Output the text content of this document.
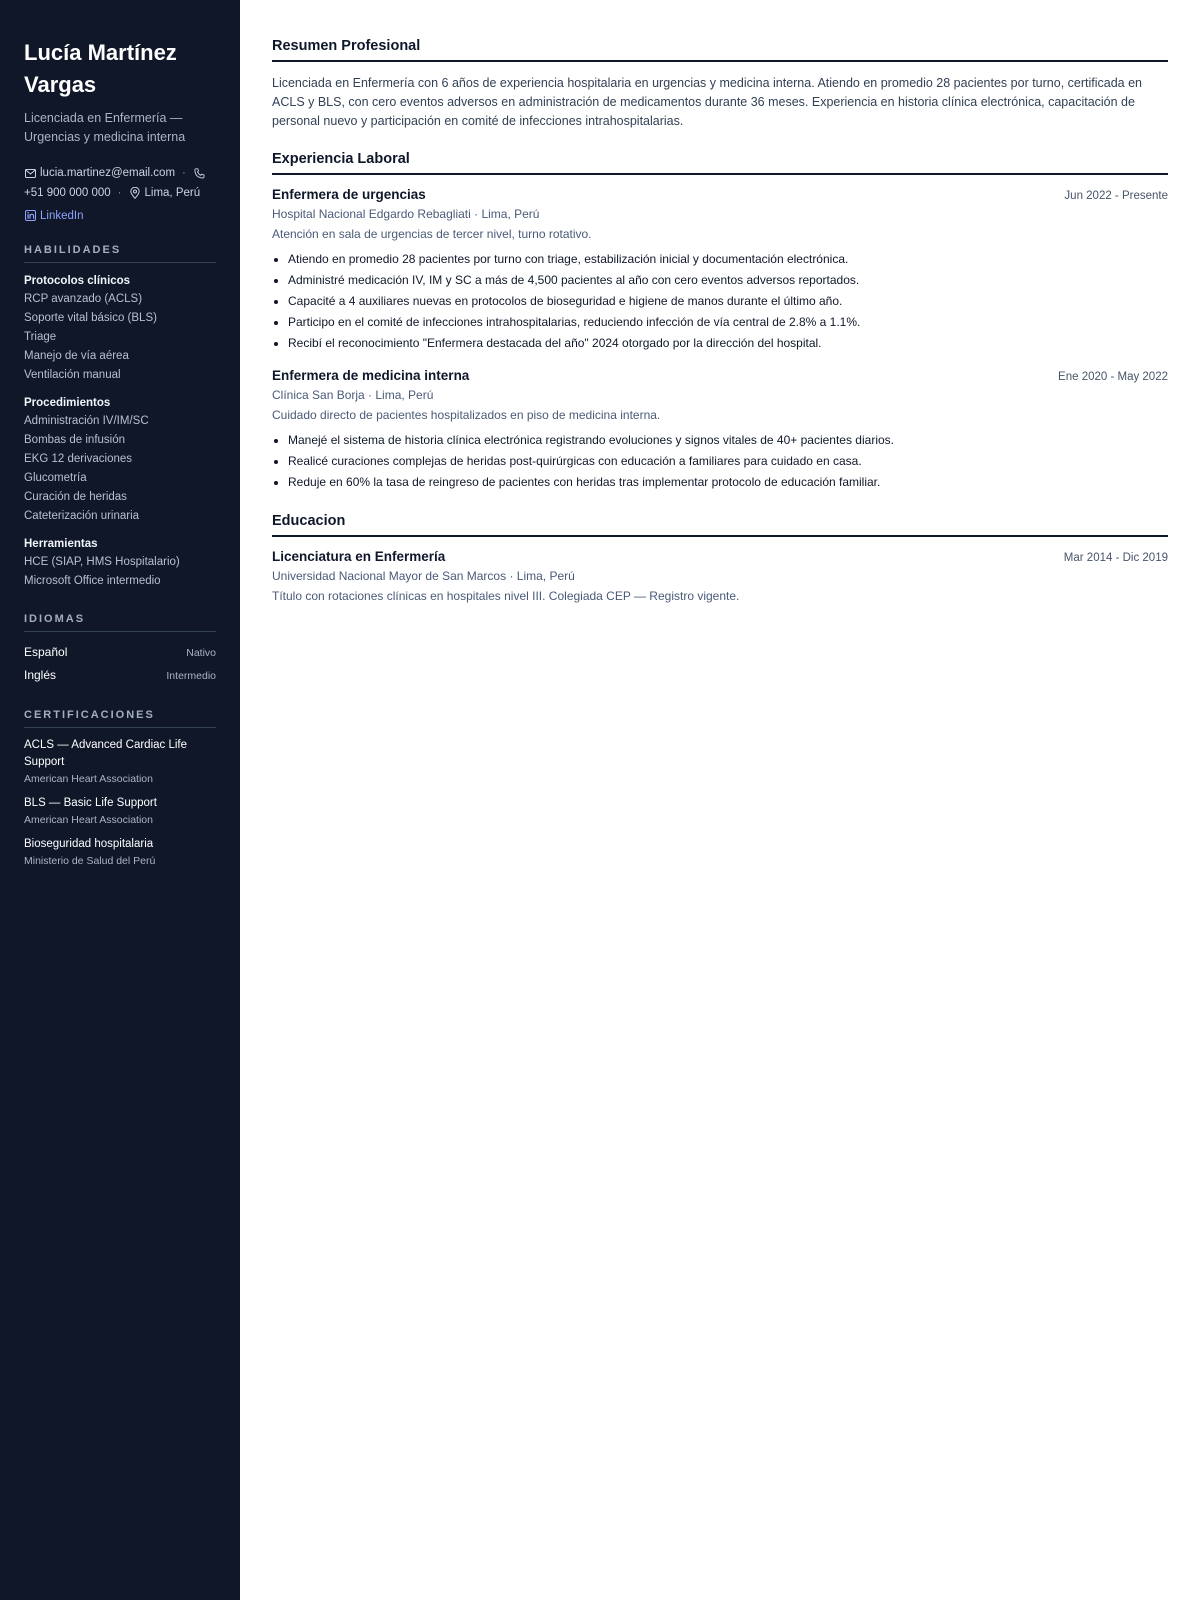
Lucía Martínez Vargas
Licenciada en Enfermería — Urgencias y medicina interna
lucia.martinez@email.com ·
+51 900 000 000 · Lima, Perú
LinkedIn
HABILIDADES
Protocolos clínicos
RCP avanzado (ACLS)
Soporte vital básico (BLS)
Triage
Manejo de vía aérea
Ventilación manual
Procedimientos
Administración IV/IM/SC
Bombas de infusión
EKG 12 derivaciones
Glucometría
Curación de heridas
Cateterización urinaria
Herramientas
HCE (SIAP, HMS Hospitalario)
Microsoft Office intermedio
IDIOMAS
Español	Nativo
Inglés	Intermedio
CERTIFICACIONES
ACLS — Advanced Cardiac Life Support
American Heart Association
BLS — Basic Life Support
American Heart Association
Bioseguridad hospitalaria
Ministerio de Salud del Perú
Resumen Profesional

Licenciada en Enfermería con 6 años de experiencia hospitalaria en urgencias y medicina interna. Atiendo en promedio 28 pacientes por turno, certificada en ACLS y BLS, con cero eventos adversos en administración de medicamentos durante 36 meses. Experiencia en historia clínica electrónica, capacitación de personal nuevo y participación en comité de infecciones intrahospitalarias.

Experiencia Laboral
Enfermera de urgencias	Jun 2022 - Presente
Hospital Nacional Edgardo Rebagliati · Lima, Perú
Atención en sala de urgencias de tercer nivel, turno rotativo.
• Atiendo en promedio 28 pacientes por turno con triage, estabilización inicial y documentación electrónica.
• Administré medicación IV, IM y SC a más de 4,500 pacientes al año con cero eventos adversos reportados.
• Capacité a 4 auxiliares nuevas en protocolos de bioseguridad e higiene de manos durante el último año.
• Participo en el comité de infecciones intrahospitalarias, reduciendo infección de vía central de 2.8% a 1.1%.
• Recibí el reconocimiento "Enfermera destacada del año" 2024 otorgado por la dirección del hospital.
Enfermera de medicina interna	Ene 2020 - May 2022
Clínica San Borja · Lima, Perú
Cuidado directo de pacientes hospitalizados en piso de medicina interna.
• Manejé el sistema de historia clínica electrónica registrando evoluciones y signos vitales de 40+ pacientes diarios.
• Realicé curaciones complejas de heridas post-quirúrgicas con educación a familiares para cuidado en casa.
• Reduje en 60% la tasa de reingreso de pacientes con heridas tras implementar protocolo de educación familiar.
Educacion
Licenciatura en Enfermería	Mar 2014 - Dic 2019
Universidad Nacional Mayor de San Marcos · Lima, Perú
Título con rotaciones clínicas en hospitales nivel III. Colegiada CEP — Registro vigente.
